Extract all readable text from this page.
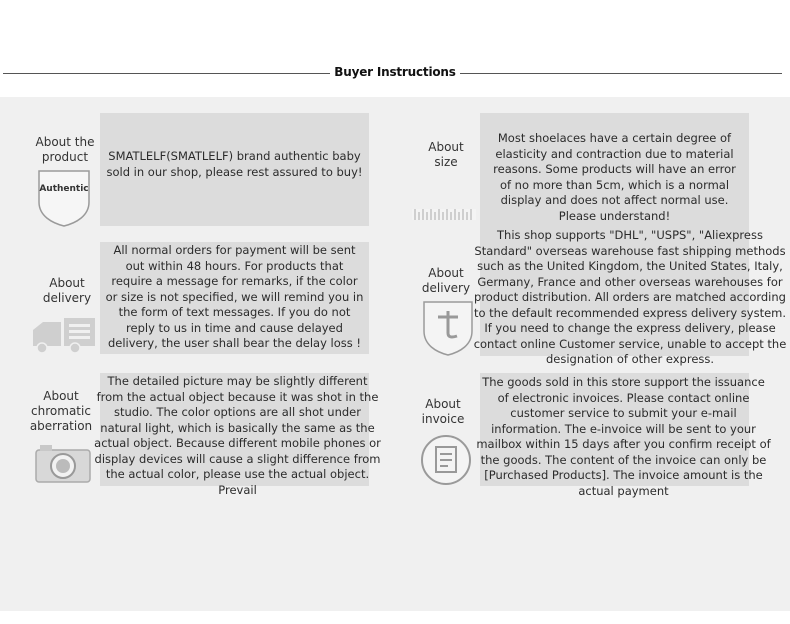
Buyer Instructions
About the product
Authentic

SMATLELF(SMATLELF) brand authentic baby sold in our shop, please rest assured to buy!

About size

Most shoelaces have a certain degree of elasticity and contraction due to material reasons. Some products will have an error of no more than 5cm, which is a normal display and does not affect normal use. Please understand!

About delivery

All normal orders for payment will be sent out within 48 hours. For products that require a message for remarks, if the color or size is not specified, we will remind you in the form of text messages. If you do not reply to us in time and cause delayed delivery, the user shall bear the delay loss !

About delivery

This shop supports "DHL", "USPS", "Aliexpress Standard" overseas warehouse fast shipping methods such as the United Kingdom, the United States, Italy, Germany, France and other overseas warehouses for product distribution. All orders are matched according to the default recommended express delivery system. If you need to change the express delivery, please contact online Customer service, unable to accept the designation of other express.

About chromatic aberration

The detailed picture may be slightly different from the actual object because it was shot in the studio. The color options are all shot under natural light, which is basically the same as the actual object. Because different mobile phones or display devices will cause a slight difference from the actual color, please use the actual object. Prevail

About invoice

The goods sold in this store support the issuance of electronic invoices. Please contact online customer service to submit your e-mail information. The e-invoice will be sent to your mailbox within 15 days after you confirm receipt of the goods. The content of the invoice can only be [Purchased Products]. The invoice amount is the actual payment
